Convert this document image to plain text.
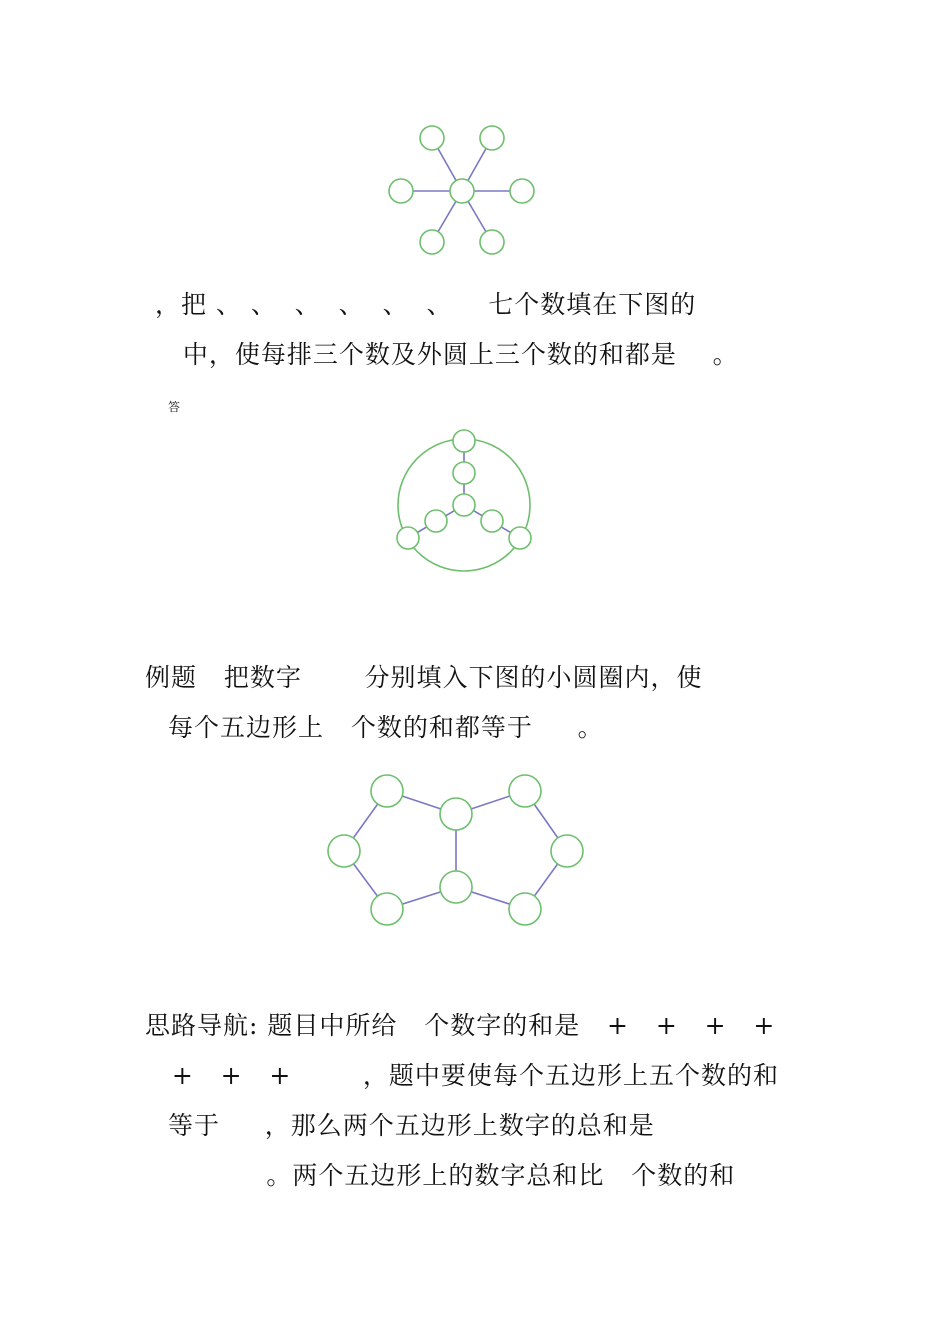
，把 、 、  、  、  、  、    七个数填在下图的
中，使每排三个数及外圆上三个数的和都是    。
答
例题   把数字       分别填入下图的小圆圈内，使
每个五边形上   个数的和都等于     。
思路导航: 题目中所给   个数字的和是   +   +   +   +
+   +   +        ，题中要使每个五边形上五个数的和
等于     ，那么两个五边形上数字的总和是
。两个五边形上的数字总和比   个数的和
